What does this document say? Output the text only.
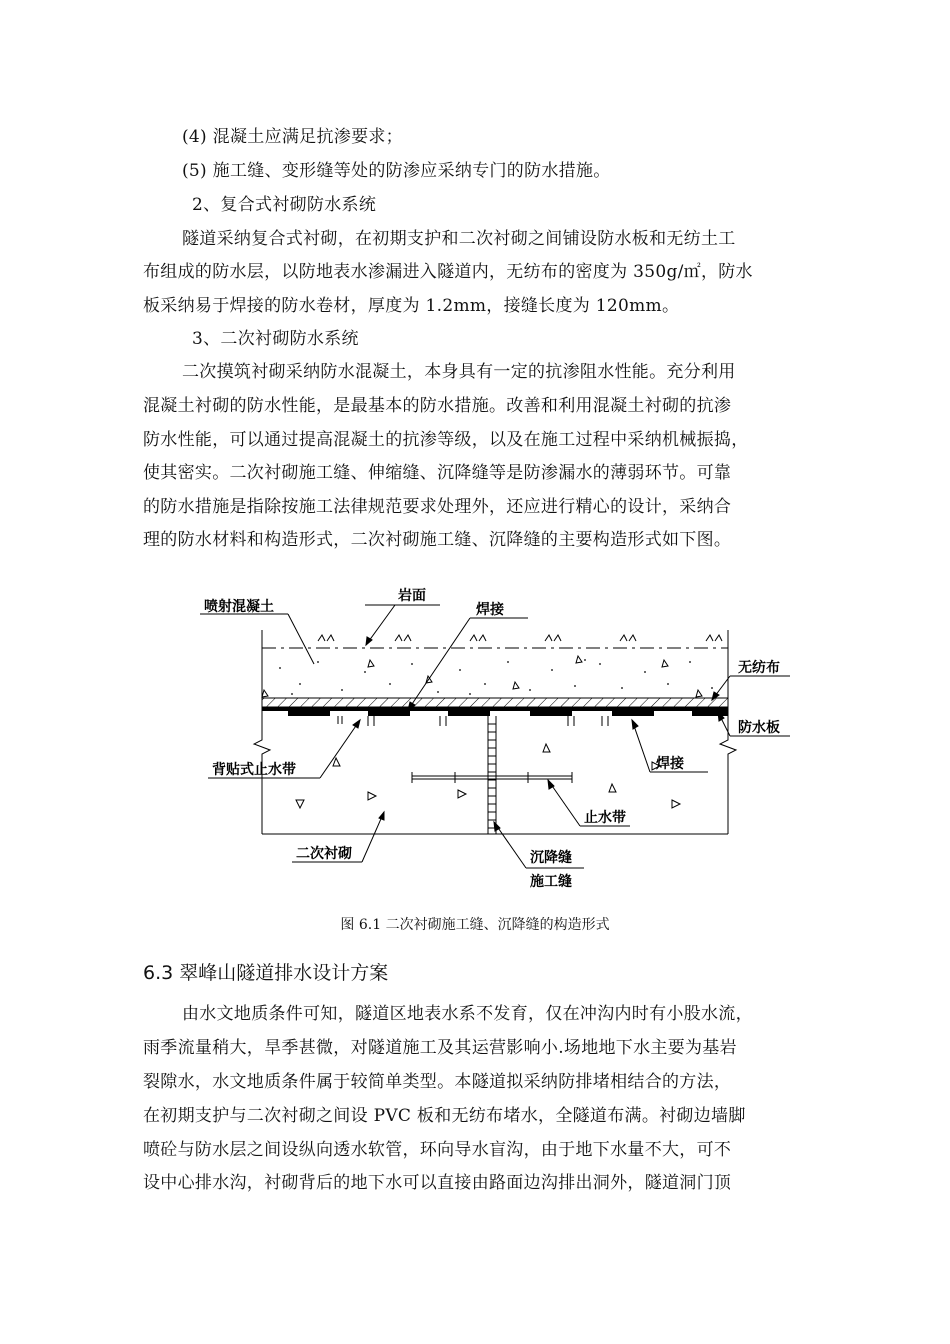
(4) 混凝土应满足抗渗要求；
(5) 施工缝、变形缝等处的防渗应采纳专门的防水措施。
2、复合式衬砌防水系统
隧道采纳复合式衬砌，在初期支护和二次衬砌之间铺设防水板和无纺土工
布组成的防水层，以防地表水渗漏进入隧道内，无纺布的密度为 350g/㎡，防水
板采纳易于焊接的防水卷材，厚度为 1.2mm，接缝长度为 120mm。
3、二次衬砌防水系统
二次摸筑衬砌采纳防水混凝土，本身具有一定的抗渗阻水性能。充分利用
混凝土衬砌的防水性能，是最基本的防水措施。改善和利用混凝土衬砌的抗渗
防水性能，可以通过提高混凝土的抗渗等级，以及在施工过程中采纳机械振捣，
使其密实。二次衬砌施工缝、伸缩缝、沉降缝等是防渗漏水的薄弱环节。可靠
的防水措施是指除按施工法律规范要求处理外，还应进行精心的设计，采纳合
理的防水材料和构造形式，二次衬砌施工缝、沉降缝的主要构造形式如下图。
喷射混凝土
岩面
焊接
无纺布
防水板
背贴式止水带	焊接
止水带
二次衬砌	沉降缝
施工缝
图 6.1 二次衬砌施工缝、沉降缝的构造形式
6.3 翠峰山隧道排水设计方案
由水文地质条件可知，隧道区地表水系不发育，仅在冲沟内时有小股水流，
雨季流量稍大，旱季甚微，对隧道施工及其运营影响小.场地地下水主要为基岩
裂隙水，水文地质条件属于较简单类型。本隧道拟采纳防排堵相结合的方法，
在初期支护与二次衬砌之间设 PVC 板和无纺布堵水，全隧道布满。衬砌边墙脚
喷砼与防水层之间设纵向透水软管，环向导水盲沟，由于地下水量不大，可不
设中心排水沟，衬砌背后的地下水可以直接由路面边沟排出洞外，隧道洞门顶
